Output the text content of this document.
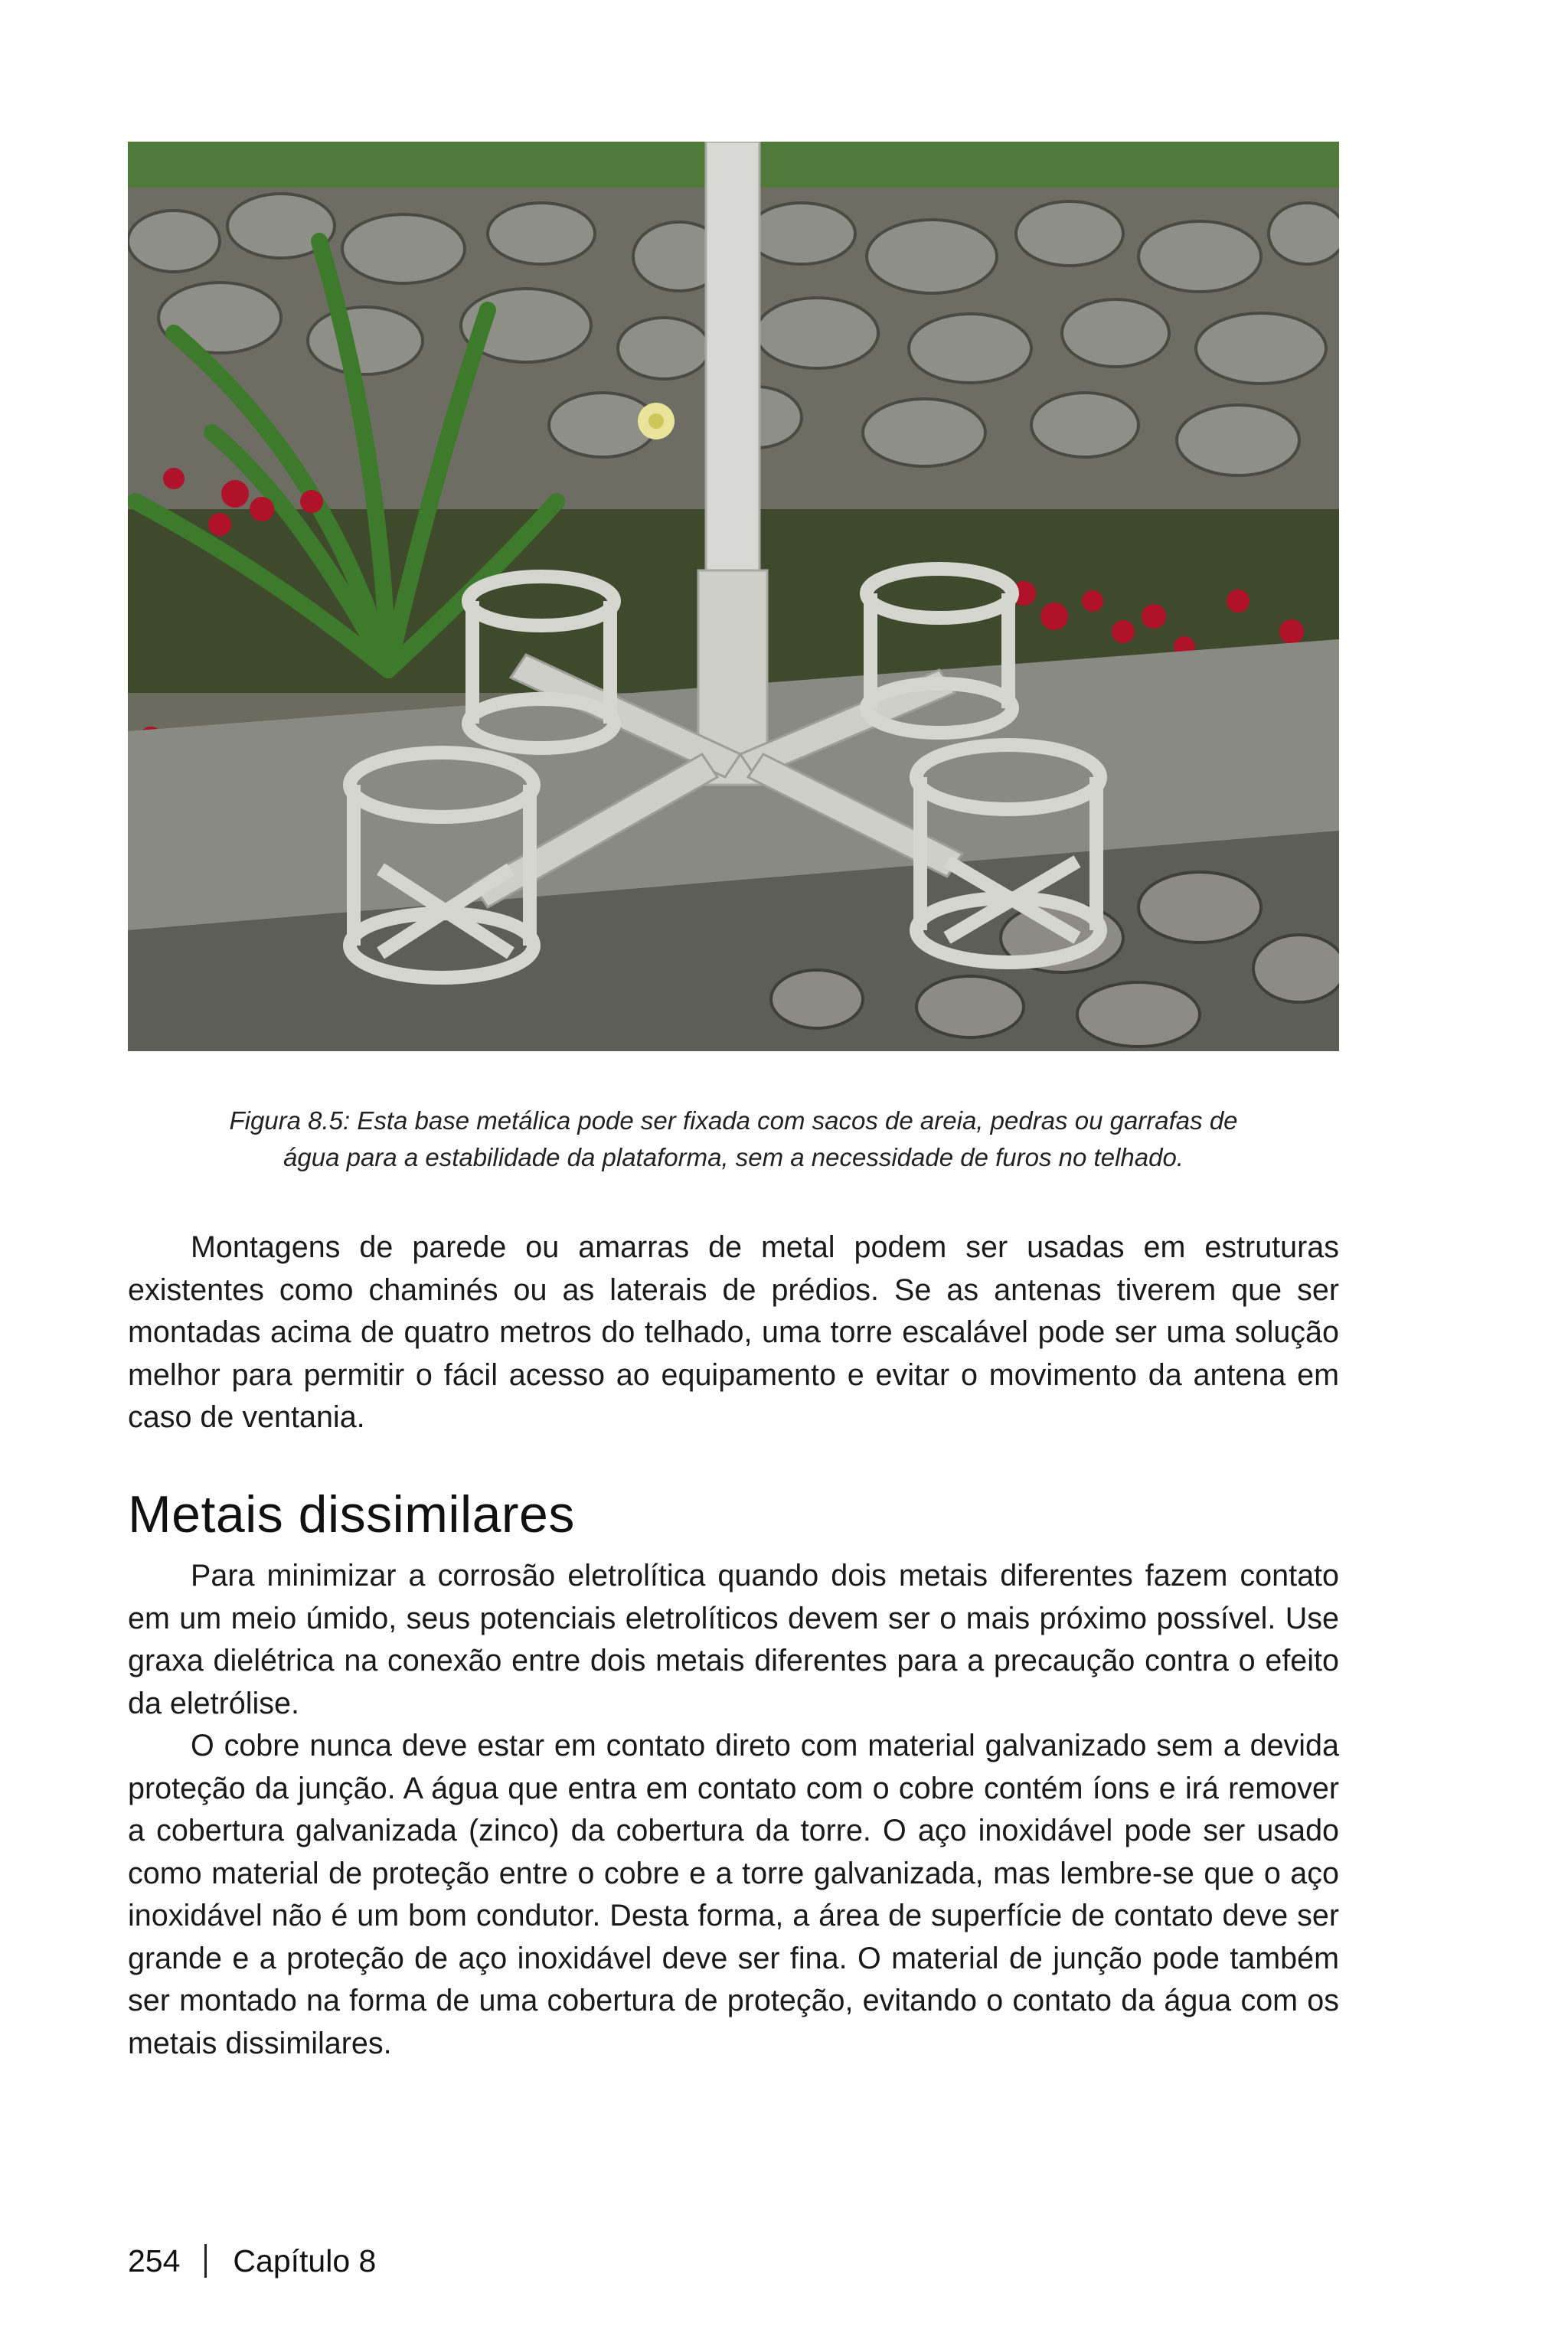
Figura 8.5: Esta base metálica pode ser fixada com sacos de areia, pedras ou garrafas de
água para a estabilidade da plataforma, sem a necessidade de furos no telhado.

Montagens de parede ou amarras de metal podem ser usadas em estruturas existentes como chaminés ou as laterais de prédios. Se as antenas tiverem que ser montadas acima de quatro metros do telhado, uma torre escalável pode ser uma solução melhor para permitir o fácil acesso ao equipamento e evitar o movimento da antena em caso de ventania.

Metais dissimilares

Para minimizar a corrosão eletrolítica quando dois metais diferentes fazem contato em um meio úmido, seus potenciais eletrolíticos devem ser o mais próximo possível. Use graxa dielétrica na conexão entre dois metais diferentes para a precaução contra o efeito da eletrólise.

O cobre nunca deve estar em contato direto com material galvanizado sem a devida proteção da junção. A água que entra em contato com o cobre contém íons e irá remover a cobertura galvanizada (zinco) da cobertura da torre. O aço inoxidável pode ser usado como material de proteção entre o cobre e a torre galvanizada, mas lembre-se que o aço inoxidável não é um bom condutor. Desta forma, a área de superfície de contato deve ser grande e a proteção de aço inoxidável deve ser fina. O material de junção pode também ser montado na forma de uma cobertura de proteção, evitando o contato da água com os metais dissimilares.

254 Capítulo 8
